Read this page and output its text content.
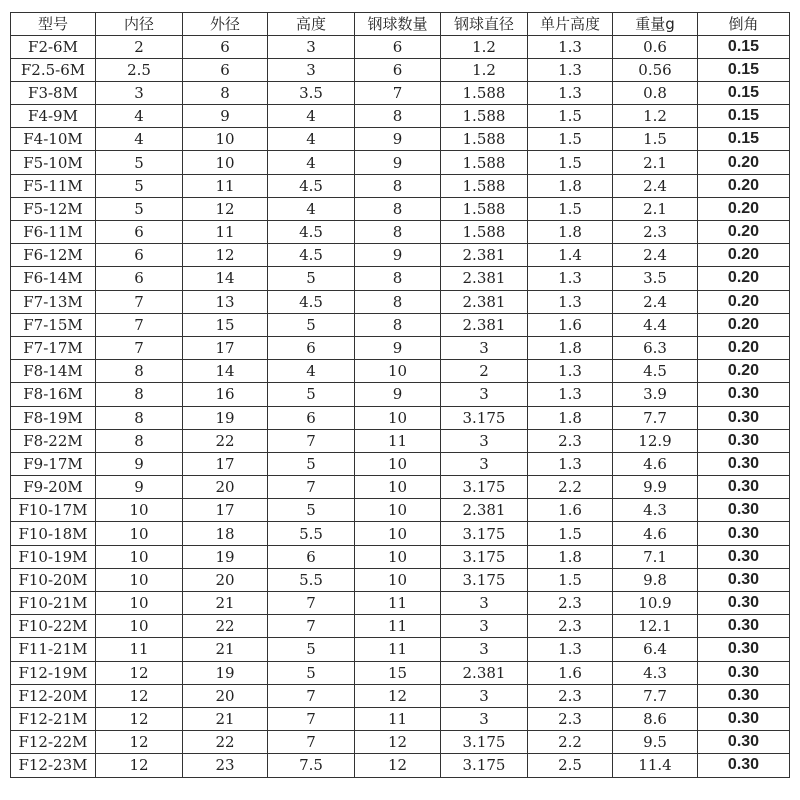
型号	内径	外径	高度	钢球数量	钢球直径	单片高度	重量g	倒角
F2-6M	2	6	3	6	1.2	1.3	0.6	0.15
F2.5-6M	2.5	6	3	6	1.2	1.3	0.56	0.15
F3-8M	3	8	3.5	7	1.588	1.3	0.8	0.15
F4-9M	4	9	4	8	1.588	1.5	1.2	0.15
F4-10M	4	10	4	9	1.588	1.5	1.5	0.15
F5-10M	5	10	4	9	1.588	1.5	2.1	0.20
F5-11M	5	11	4.5	8	1.588	1.8	2.4	0.20
F5-12M	5	12	4	8	1.588	1.5	2.1	0.20
F6-11M	6	11	4.5	8	1.588	1.8	2.3	0.20
F6-12M	6	12	4.5	9	2.381	1.4	2.4	0.20
F6-14M	6	14	5	8	2.381	1.3	3.5	0.20
F7-13M	7	13	4.5	8	2.381	1.3	2.4	0.20
F7-15M	7	15	5	8	2.381	1.6	4.4	0.20
F7-17M	7	17	6	9	3	1.8	6.3	0.20
F8-14M	8	14	4	10	2	1.3	4.5	0.20
F8-16M	8	16	5	9	3	1.3	3.9	0.30
F8-19M	8	19	6	10	3.175	1.8	7.7	0.30
F8-22M	8	22	7	11	3	2.3	12.9	0.30
F9-17M	9	17	5	10	3	1.3	4.6	0.30
F9-20M	9	20	7	10	3.175	2.2	9.9	0.30
F10-17M	10	17	5	10	2.381	1.6	4.3	0.30
F10-18M	10	18	5.5	10	3.175	1.5	4.6	0.30
F10-19M	10	19	6	10	3.175	1.8	7.1	0.30
F10-20M	10	20	5.5	10	3.175	1.5	9.8	0.30
F10-21M	10	21	7	11	3	2.3	10.9	0.30
F10-22M	10	22	7	11	3	2.3	12.1	0.30
F11-21M	11	21	5	11	3	1.3	6.4	0.30
F12-19M	12	19	5	15	2.381	1.6	4.3	0.30
F12-20M	12	20	7	12	3	2.3	7.7	0.30
F12-21M	12	21	7	11	3	2.3	8.6	0.30
F12-22M	12	22	7	12	3.175	2.2	9.5	0.30
F12-23M	12	23	7.5	12	3.175	2.5	11.4	0.30
